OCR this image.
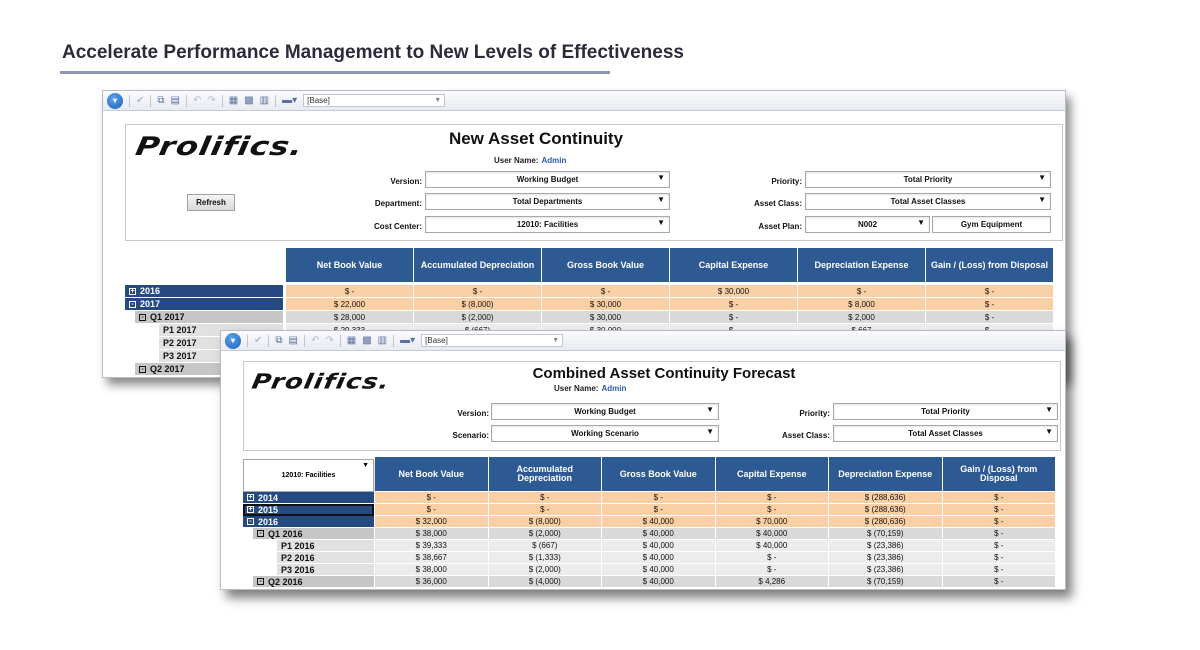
Accelerate Performance Management to New Levels of Effectiveness
▾	✔ ⧉ ▤ ↶ ↷ ▦ ▩ ▥ ▬▾	[Base]	▼
Prolifics.	New Asset Continuity
User Name: Admin
Refresh
Version:	Working Budget	▼
Department:	Total Departments	▼
Cost Center:	12010: Facilities	▼
Priority:	Total Priority	▼
Asset Class:	Total Asset Classes	▼
Asset Plan:	N002	▼	Gym Equipment
Net Book Value	Accumulated Depreciation	Gross Book Value	Capital Expense	Depreciation Expense	Gain / (Loss) from Disposal
+ 2016	$ -	$ -	$ -	$ 30,000	$ -	$ -
- 2017	$ 22,000	$ (8,000)	$ 30,000	$ -	$ 8,000	$ -
- Q1 2017	$ 28,000	$ (2,000)	$ 30,000	$ -	$ 2,000	$ -
P1 2017
P2 2017
P3 2017
- Q2 2017
▾	✔ ⧉ ▤ ↶ ↷ ▦ ▩ ▥ ▬▾	[Base]	▼
Prolifics.	Combined Asset Continuity Forecast
User Name: Admin
Version:	Working Budget	▼
Scenario:	Working Scenario	▼
Priority:	Total Priority	▼
Asset Class:	Total Asset Classes	▼
12010: Facilities
▼
Net Book Value	Accumulated Depreciation	Gross Book Value	Capital Expense	Depreciation Expense	Gain / (Loss) from Disposal
+ 2014	$ -	$ -	$ -	$ -	$ (288,636)	$ -
+ 2015	$ -	$ -	$ -	$ -	$ (288,636)	$ -
- 2016	$ 32,000	$ (8,000)	$ 40,000	$ 70,000	$ (280,636)	$ -
- Q1 2016	$ 38,000	$ (2,000)	$ 40,000	$ 40,000	$ (70,159)	$ -
P1 2016	$ 39,333	$ (667)	$ 40,000	$ 40,000	$ (23,386)	$ -
P2 2016	$ 38,667	$ (1,333)	$ 40,000	$ -	$ (23,386)	$ -
P3 2016	$ 38,000	$ (2,000)	$ 40,000	$ -	$ (23,386)	$ -
- Q2 2016	$ 36,000	$ (4,000)	$ 40,000	$ 4,286	$ (70,159)	$ -
